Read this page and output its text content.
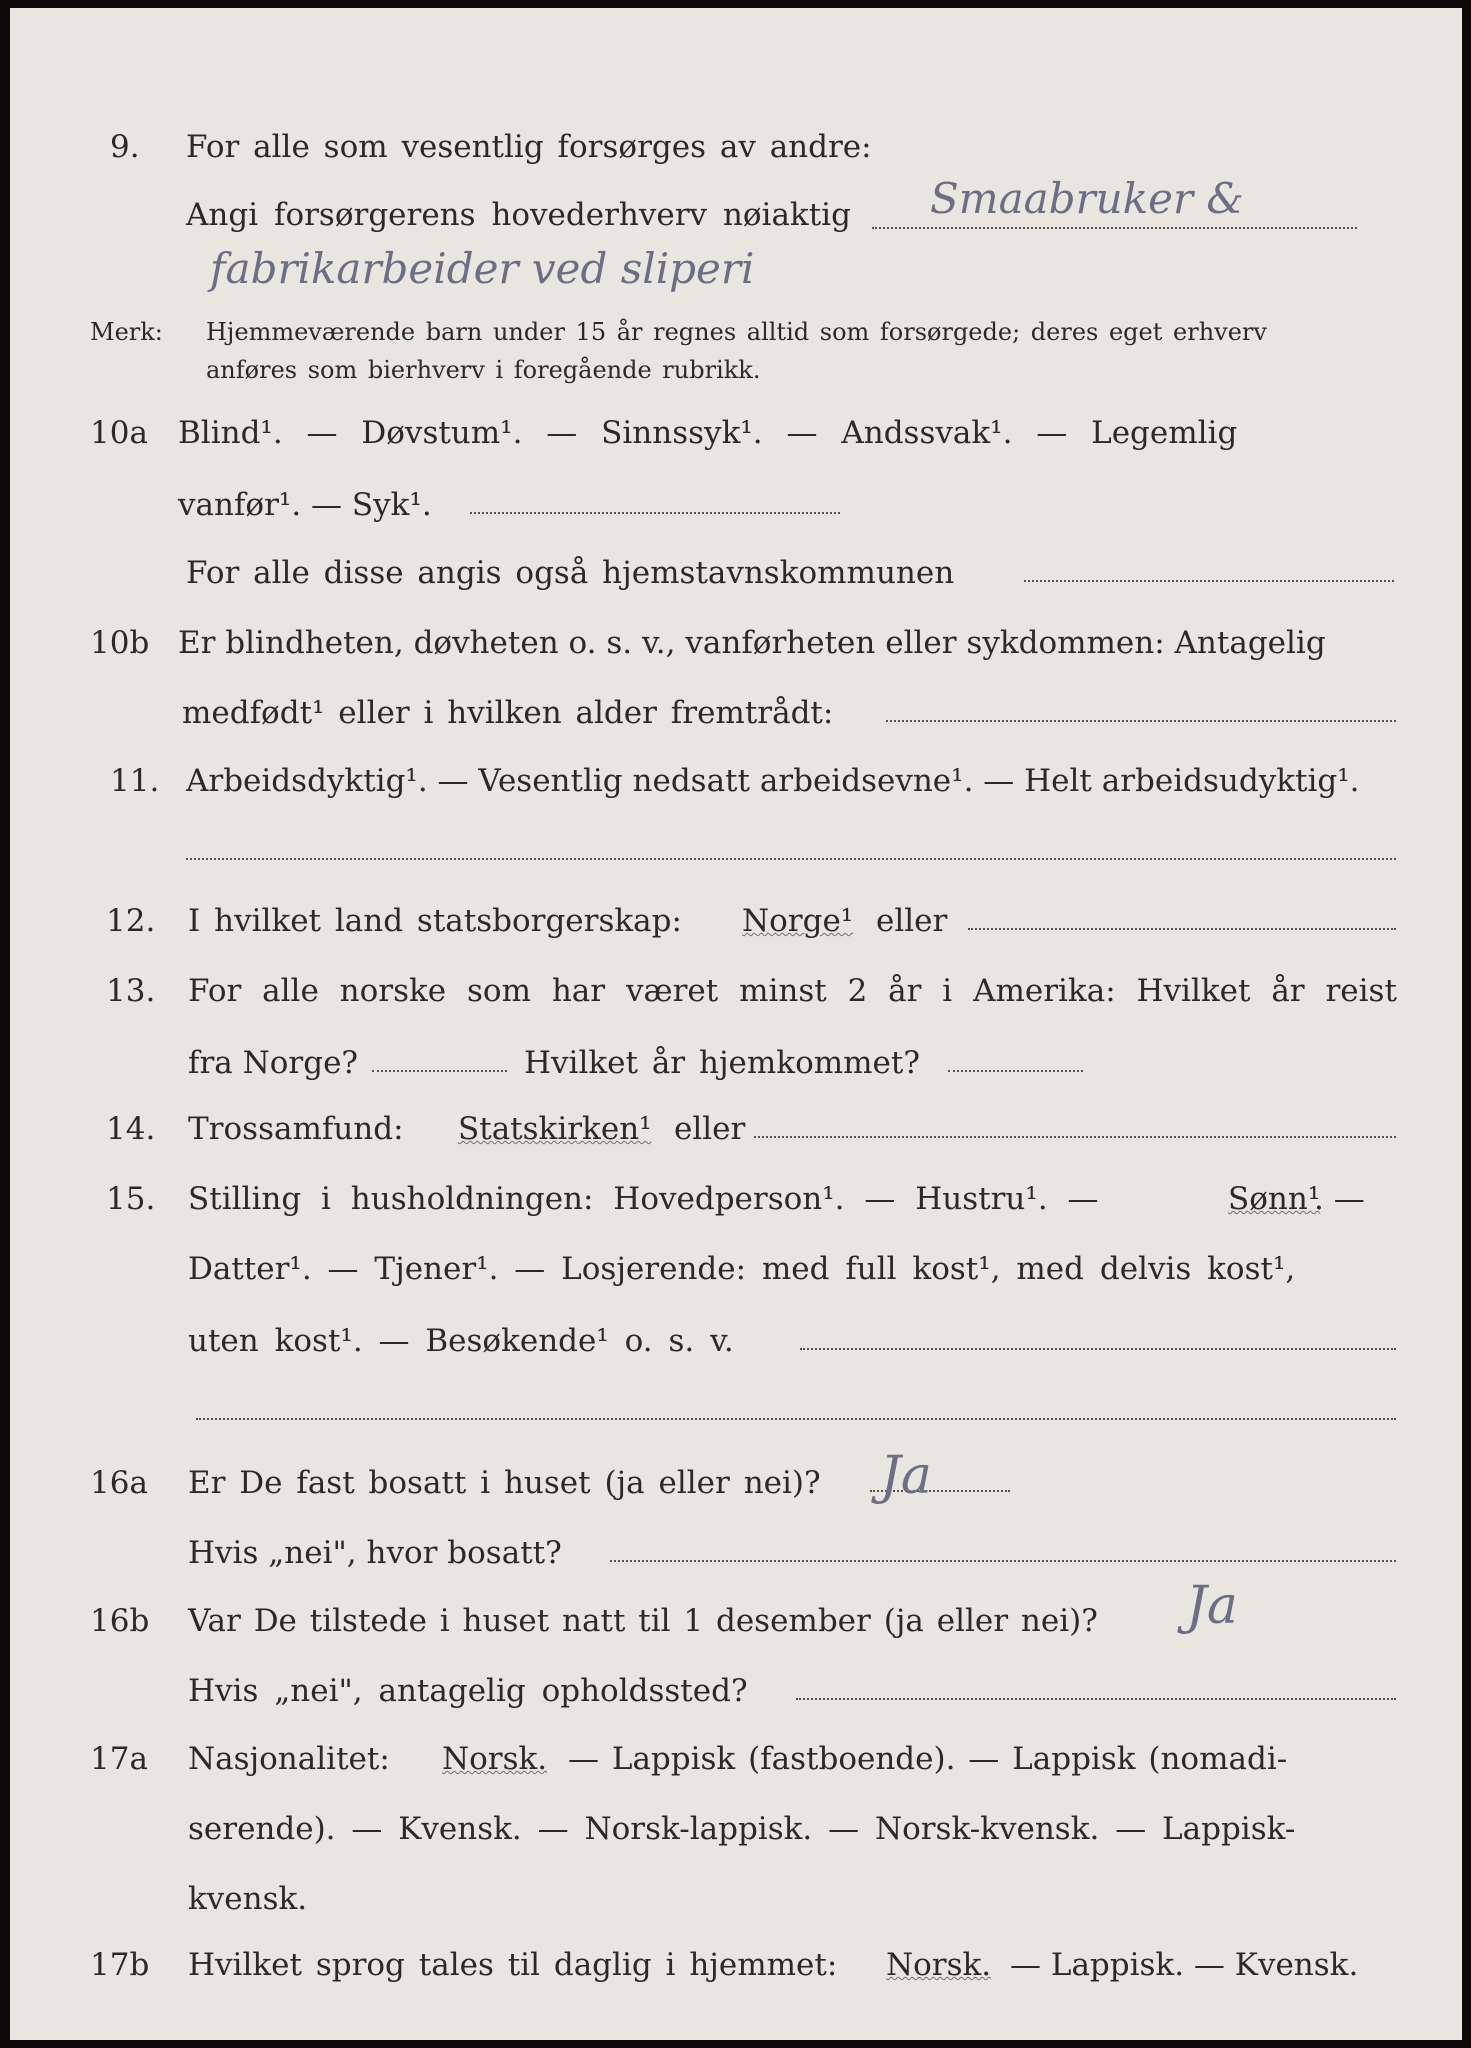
9. For alle som vesentlig forsørges av andre:
Angi forsørgerens hovederhverv nøiaktig Smaabruker &
fabrikarbeider ved sliperi
Merk: Hjemmeværende barn under 15 år regnes alltid som forsørgede; deres eget erhverv
anføres som bierhverv i foregående rubrikk.
10a Blind¹. — Døvstum¹. — Sinnssyk¹. — Andssvak¹. — Legemlig
vanfør¹. — Syk¹.
For alle disse angis også hjemstavnskommunen
10b Er blindheten, døvheten o. s. v., vanførheten eller sykdommen: Antagelig
medfødt¹ eller i hvilken alder fremtrådt:
11. Arbeidsdyktig¹. — Vesentlig nedsatt arbeidsevne¹. — Helt arbeidsudyktig¹.
12. I hvilket land statsborgerskap: Norge¹ eller
13. For alle norske som har været minst 2 år i Amerika: Hvilket år reist
fra Norge?	Hvilket år hjemkommet?
14. Trossamfund: Statskirken¹ eller
15. Stilling i husholdningen: Hovedperson¹. — Hustru¹. —	Sønn¹
. —
Datter¹. — Tjener¹. — Losjerende: med full kost¹, med delvis kost¹,
uten kost¹. — Besøkende¹ o. s. v.
16a Er De fast bosatt i huset (ja eller nei)? Ja
Hvis „nei", hvor bosatt?
16b Var De tilstede i huset natt til 1 desember (ja eller nei)? Ja
Hvis „nei", antagelig opholdssted?
17a Nasjonalitet: Norsk. — Lappisk (fastboende). — Lappisk (nomadi-
serende). — Kvensk. — Norsk-lappisk. — Norsk-kvensk. — Lappisk-
kvensk.
17b Hvilket sprog tales til daglig i hjemmet: Norsk. — Lappisk. — Kvensk.
